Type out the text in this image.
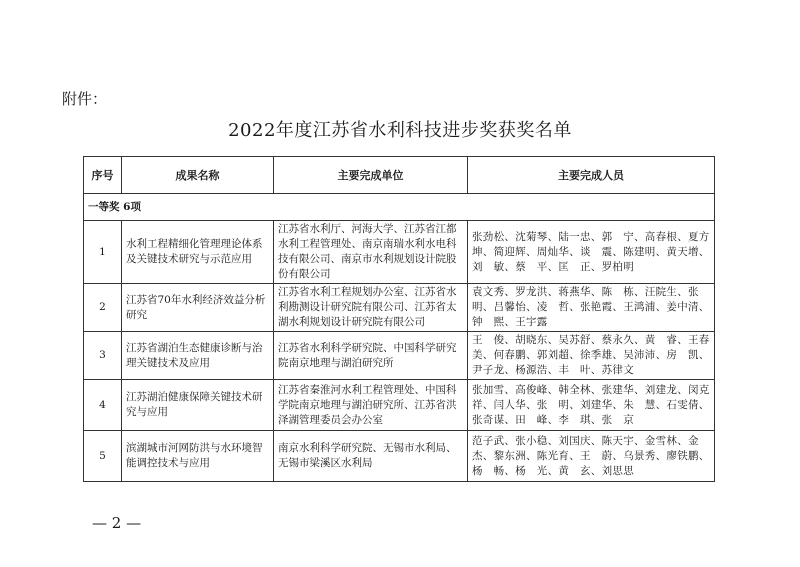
附件：
2022年度江苏省水利科技进步奖获奖名单
序号	成果名称	主要完成单位	主要完成人员
一等奖 6项			
1	水利工程精细化管理理论体系及关键技术研究与示范应用	江苏省水利厅、河海大学、江苏省江都水利工程管理处、南京南瑞水利水电科技有限公司、南京市水利规划设计院股份有限公司	张劲松、沈菊琴、陆一忠、郭　宁、高春根、夏方坤、简迎辉、周灿华、谈　震、陈建明、黄天增、刘　敏、蔡　平、匡　正、罗柏明
2	江苏省70年水利经济效益分析研究	江苏省水利工程规划办公室、江苏省水利勘测设计研究院有限公司、江苏省太湖水利规划设计研究院有限公司	袁文秀、罗龙洪、蒋燕华、陈　栋、汪院生、张　明、吕馨怡、凌　哲、张艳霞、王鸿浦、姜中清、钟　熙、王宇露
3	江苏省湖泊生态健康诊断与治理关键技术及应用	江苏省水利科学研究院、中国科学研究院南京地理与湖泊研究所	王　俊、胡晓东、吴苏舒、蔡永久、黄　睿、王春美、何春鹏、郭刘超、徐季雄、吴沛沛、房　凯、尹子龙、杨源浩、丰　叶、苏律文
4	江苏湖泊健康保障关键技术研究与应用	江苏省秦淮河水利工程管理处、中国科学院南京地理与湖泊研究所、江苏省洪泽湖管理委员会办公室	张加雪、高俊峰、韩全林、张建华、刘建龙、闵克祥、闫人华、张　明、刘建华、朱　慧、石雯倩、张奇谋、田　峰、李　琪、张　京
5	滨湖城市河网防洪与水环境智能调控技术与应用	南京水利科学研究院、无锡市水利局、无锡市梁溪区水利局	范子武、张小稳、刘国庆、陈天宇、金雪林、金　杰、黎东洲、陈光育、王　蔚、乌景秀、廖铁鹏、杨　畅、杨　光、黄　玄、刘思思
— 2 —
